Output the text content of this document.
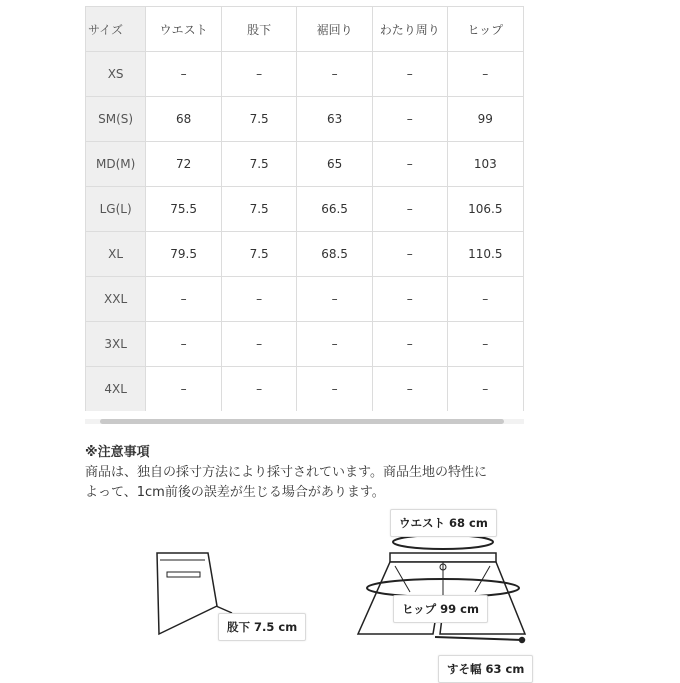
サイズ	ウエスト	股下	裾回り	わたり周り	ヒップ
XS	–	–	–	–	–
SM(S)	68	7.5	63	–	99
MD(M)	72	7.5	65	–	103
LG(L)	75.5	7.5	66.5	–	106.5
XL	79.5	7.5	68.5	–	110.5
XXL	–	–	–	–	–
3XL	–	–	–	–	–
4XL	–	–	–	–	–
※注意事項
商品は、独自の採寸方法により採寸されています。商品生地の特性に
よって、1cm前後の誤差が生じる場合があります。
股下 7.5 cm
ウエスト 68 cm
ヒップ 99 cm
すそ幅 63 cm
